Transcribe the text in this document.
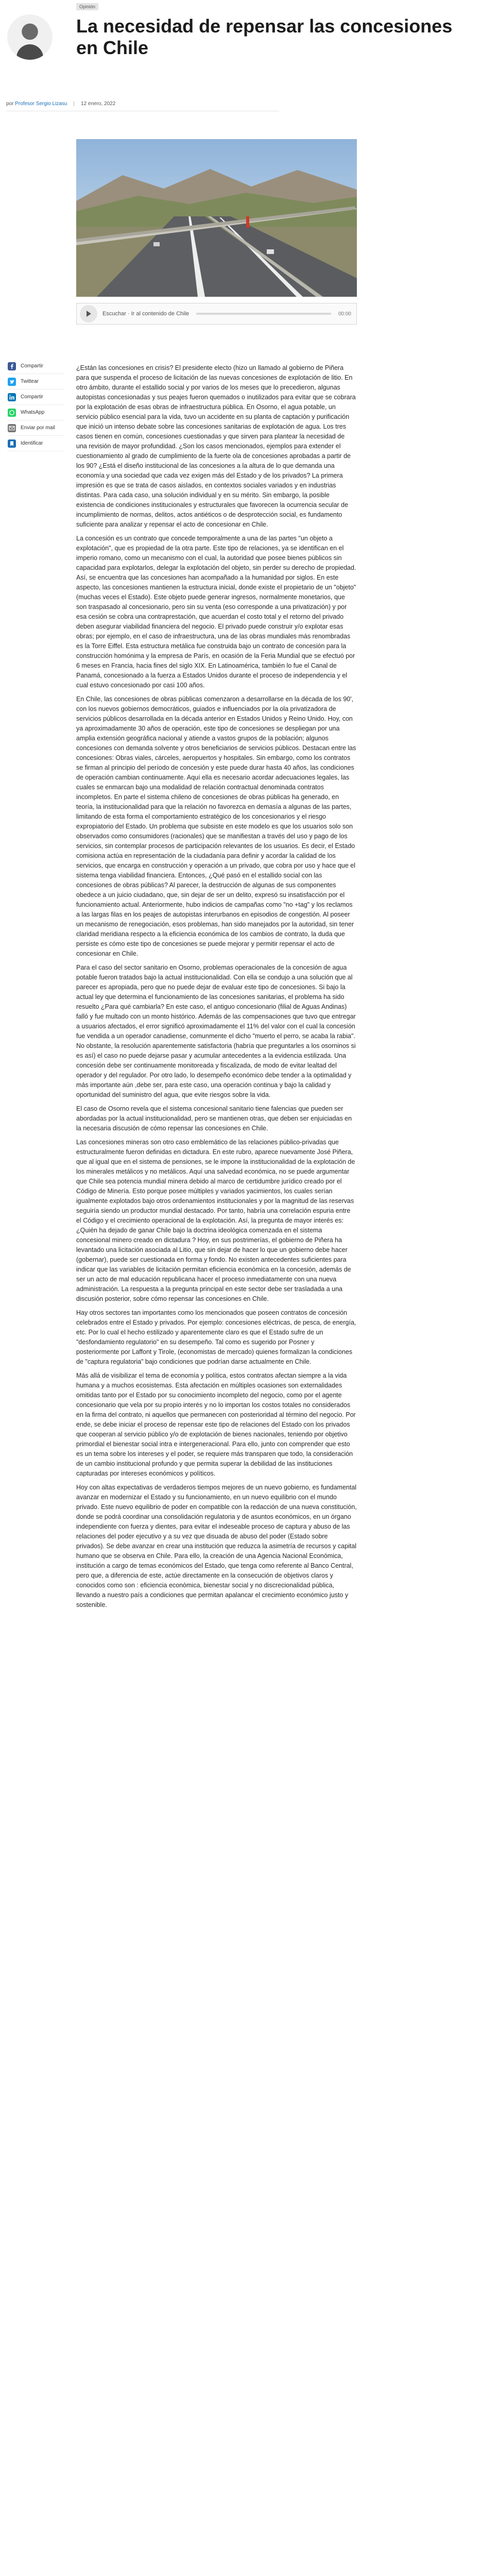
Opinión
La necesidad de repensar las concesiones en Chile
por
Profesor Sergio Lizasu | 12 enero, 2022
Escuchar · Ir al contenido de Chile	00:00
Compartir
Twittear
Compartir
WhatsApp
Enviar por mail
Identificar

¿Están las concesiones en crisis? El presidente electo (hizo un llamado al gobierno de Piñera para que suspenda el proceso de licitación de las nuevas concesiones de explotación de litio. En otro ámbito, durante el estallido social y por varios de los meses que lo precedieron, algunas autopistas concesionadas y sus peajes fueron quemados o inutilizados para evitar que se cobrara por la explotación de esas obras de infraestructura pública. En Osorno, el agua potable, un servicio público esencial para la vida, tuvo un accidente en su planta de captación y purificación que inició un intenso debate sobre las concesiones sanitarias de explotación de agua. Los tres casos tienen en común, concesiones cuestionadas y que sirven para plantear la necesidad de una revisión de mayor profundidad. ¿Son los casos mencionados, ejemplos para extender el cuestionamiento al grado de cumplimiento de la fuerte ola de concesiones aprobadas a partir de los 90? ¿Está el diseño institucional de las concesiones a la altura de lo que demanda una economía y una sociedad que cada vez exigen más del Estado y de los privados? La primera impresión es que se trata de casos aislados, en contextos sociales variados y en industrias distintas. Para cada caso, una solución individual y en su mérito. Sin embargo, la posible existencia de condiciones institucionales y estructurales que favorecen la ocurrencia secular de incumplimiento de normas, delitos, actos antiéticos o de desprotección social, es fundamento suficiente para analizar y repensar el acto de concesionar en Chile.

La concesión es un contrato que concede temporalmente a una de las partes "un objeto a explotación", que es propiedad de la otra parte. Este tipo de relaciones, ya se identifican en el imperio romano, como un mecanismo con el cual, la autoridad que posee bienes públicos sin capacidad para explotarlos, delegar la explotación del objeto, sin perder su derecho de propiedad. Así, se encuentra que las concesiones han acompañado a la humanidad por siglos. En este aspecto, las concesiones mantienen la estructura inicial, donde existe el propietario de un "objeto" (muchas veces el Estado). Este objeto puede generar ingresos, normalmente monetarios, que son traspasado al concesionario, pero sin su venta (eso corresponde a una privatización) y por esa cesión se cobra una contraprestación, que acuerdan el costo total y el retorno del privado deben asegurar viabilidad financiera del negocio. El privado puede construir y/o explotar esas obras; por ejemplo, en el caso de infraestructura, una de las obras mundiales más renombradas es la Torre Eiffel. Esta estructura metálica fue construida bajo un contrato de concesión para la construcción homónima y la empresa de París, en ocasión de la Feria Mundial que se efectuó por 6 meses en Francia, hacia fines del siglo XIX. En Latinoamérica, también lo fue el Canal de Panamá, concesionado a la fuerza a Estados Unidos durante el proceso de independencia y el cual estuvo concesionado por casi 100 años.

En Chile, las concesiones de obras públicas comenzaron a desarrollarse en la década de los 90', con los nuevos gobiernos democráticos, guiados e influenciados por la ola privatizadora de servicios públicos desarrollada en la década anterior en Estados Unidos y Reino Unido. Hoy, con ya aproximadamente 30 años de operación, este tipo de concesiones se despliegan por una amplia extensión geográfica nacional y atiende a vastos grupos de la población; algunos concesiones con demanda solvente y otros beneficiarios de servicios públicos. Destacan entre las concesiones: Obras viales, cárceles, aeropuertos y hospitales. Sin embargo, como los contratos se firman al principio del período de concesión y este puede durar hasta 40 años, las condiciones de operación cambian continuamente. Aquí ella es necesario acordar adecuaciones legales, las cuales se enmarcan bajo una modalidad de relación contractual denominada contratos incompletos. En parte el sistema chileno de concesiones de obras públicas ha generado, en teoría, la institucionalidad para que la relación no favorezca en demasía a algunas de las partes, limitando de esta forma el comportamiento estratégico de los concesionarios y el riesgo expropiatorio del Estado. Un problema que subsiste en este modelo es que los usuarios solo son observados como consumidores (racionales) que se manifiestan a través del uso y pago de los servicios, sin contemplar procesos de participación relevantes de los usuarios. Es decir, el Estado comisiona actúa en representación de la ciudadanía para definir y acordar la calidad de los servicios, que encarga en construcción y operación a un privado, que cobra por uso y hace que el sistema tenga viabilidad financiera. Entonces, ¿Qué pasó en el estallido social con las concesiones de obras públicas? Al parecer, la destrucción de algunas de sus componentes obedece a un juicio ciudadano, que, sin dejar de ser un delito, expresó su insatisfacción por el funcionamiento actual. Anteriormente, hubo indicios de campañas como "no +tag" y los reclamos a las largas filas en los peajes de autopistas interurbanos en episodios de congestión. Al poseer un mecanismo de renegociación, esos problemas, han sido manejados por la autoridad, sin tener claridad meridiana respecto a la eficiencia económica de los cambios de contrato, la duda que persiste es cómo este tipo de concesiones se puede mejorar y permitir repensar el acto de concesionar en Chile.

Para el caso del sector sanitario en Osorno, problemas operacionales de la concesión de agua potable fueron tratados bajo la actual institucionalidad. Con ella se condujo a una solución que al parecer es apropiada, pero que no puede dejar de evaluar este tipo de concesiones. Si bajo la actual ley que determina el funcionamiento de las concesiones sanitarias, el problema ha sido resuelto ¿Para qué cambiarla? En este caso, el antiguo concesionario (filial de Aguas Andinas) falló y fue multado con un monto histórico. Además de las compensaciones que tuvo que entregar a usuarios afectados, el error significó aproximadamente el 11% del valor con el cual la concesión fue vendida a un operador canadiense, comunmente el dicho "muerto el perro, se acaba la rabia". No obstante, la resolución aparentemente satisfactoria (habría que preguntarles a los osorninos si es así) el caso no puede dejarse pasar y acumular antecedentes a la evidencia estilizada. Una concesión debe ser continuamente monitoreada y fiscalizada, de modo de evitar lealtad del operador y del regulador. Por otro lado, lo desempeño económico debe tender a la optimalidad y más importante aún ,debe ser, para este caso, una operación continua y bajo la calidad y oportunidad del suministro del agua, que evite riesgos sobre la vida.

El caso de Osorno revela que el sistema concesional sanitario tiene falencias que pueden ser abordadas por la actual institucionalidad, pero se mantienen otras, que deben ser enjuiciadas en la necesaria discusión de cómo repensar las concesiones en Chile.

Las concesiones mineras son otro caso emblemático de las relaciones público-privadas que estructuralmente fueron definidas en dictadura. En este rubro, aparece nuevamente José Piñera, que al igual que en el sistema de pensiones, se le impone la institucionalidad de la explotación de los minerales metálicos y no metálicos. Aquí una salvedad económica, no se puede argumentar que Chile sea potencia mundial minera debido al marco de certidumbre jurídico creado por el Código de Minería. Esto porque posee múltiples y variados yacimientos, los cuales serían igualmente explotados bajo otros ordenamientos institucionales y por la magnitud de las reservas seguiría siendo un productor mundial destacado. Por tanto, habría una correlación espuria entre el Código y el crecimiento operacional de la explotación. Así, la pregunta de mayor interés es: ¿Quién ha dejado de ganar Chile bajo la doctrina ideológica comenzada en el sistema concesional minero creado en dictadura ? Hoy, en sus postrimerías, el gobierno de Piñera ha levantado una licitación asociada al Litio, que sin dejar de hacer lo que un gobierno debe hacer (gobernar), puede ser cuestionada en forma y fondo. No existen antecedentes suficientes para indicar que las variables de licitación permitan eficiencia económica en la concesión, además de ser un acto de mal educación republicana hacer el proceso inmediatamente con una nueva administración. La respuesta a la pregunta principal en este sector debe ser trasladada a una discusión posterior, sobre cómo repensar las concesiones en Chile.

Hay otros sectores tan importantes como los mencionados que poseen contratos de concesión celebrados entre el Estado y privados. Por ejemplo: concesiones eléctricas, de pesca, de energía, etc. Por lo cual el hecho estilizado y aparentemente claro es que el Estado sufre de un "desfondamiento regulatorio" en su desempeño. Tal como es sugerido por Posner y posteriormente por Laffont y Tirole, (economistas de mercado) quienes formalizan la condiciones de "captura regulatoria" bajo condiciones que podrían darse actualmente en Chile.

Más allá de visibilizar el tema de economía y política, estos contratos afectan siempre a la vida humana y a muchos ecosistemas. Esta afectación en múltiples ocasiones son externalidades omitidas tanto por el Estado por su conocimiento incompleto del negocio, como por el agente concesionario que vela por su propio interés y no lo importan los costos totales no considerados en la firma del contrato, ni aquellos que permanecen con posterioridad al término del negocio. Por ende, se debe iniciar el proceso de repensar este tipo de relaciones del Estado con los privados que cooperan al servicio público y/o de explotación de bienes nacionales, teniendo por objetivo primordial el bienestar social intra e intergeneracional. Para ello, junto con comprender que esto es un tema sobre los intereses y el poder, se requiere más transparen que todo, la consideración de un cambio institucional profundo y que permita superar la debilidad de las instituciones capturadas por intereses económicos y políticos.

Hoy con altas expectativas de verdaderos tiempos mejores de un nuevo gobierno, es fundamental avanzar en modernizar el Estado y su funcionamiento, en un nuevo equilibrio con el mundo privado. Este nuevo equilibrio de poder en compatible con la redacción de una nueva constitución, donde se podrá coordinar una consolidación regulatoria y de asuntos económicos, en un órgano independiente con fuerza y dientes, para evitar el indeseable proceso de captura y abuso de las relaciones del poder ejecutivo y a su vez que disuada de abuso del poder (Estado sobre privados). Se debe avanzar en crear una institución que reduzca la asimetría de recursos y capital humano que se observa en Chile. Para ello, la creación de una Agencia Nacional Económica, institución a cargo de temas económicos del Estado, que tenga como referente al Banco Central, pero que, a diferencia de este, actúe directamente en la consecución de objetivos claros y conocidos como son : eficiencia económica, bienestar social y no discrecionalidad pública, llevando a nuestro país a condiciones que permitan apalancar el crecimiento económico justo y sostenible.
